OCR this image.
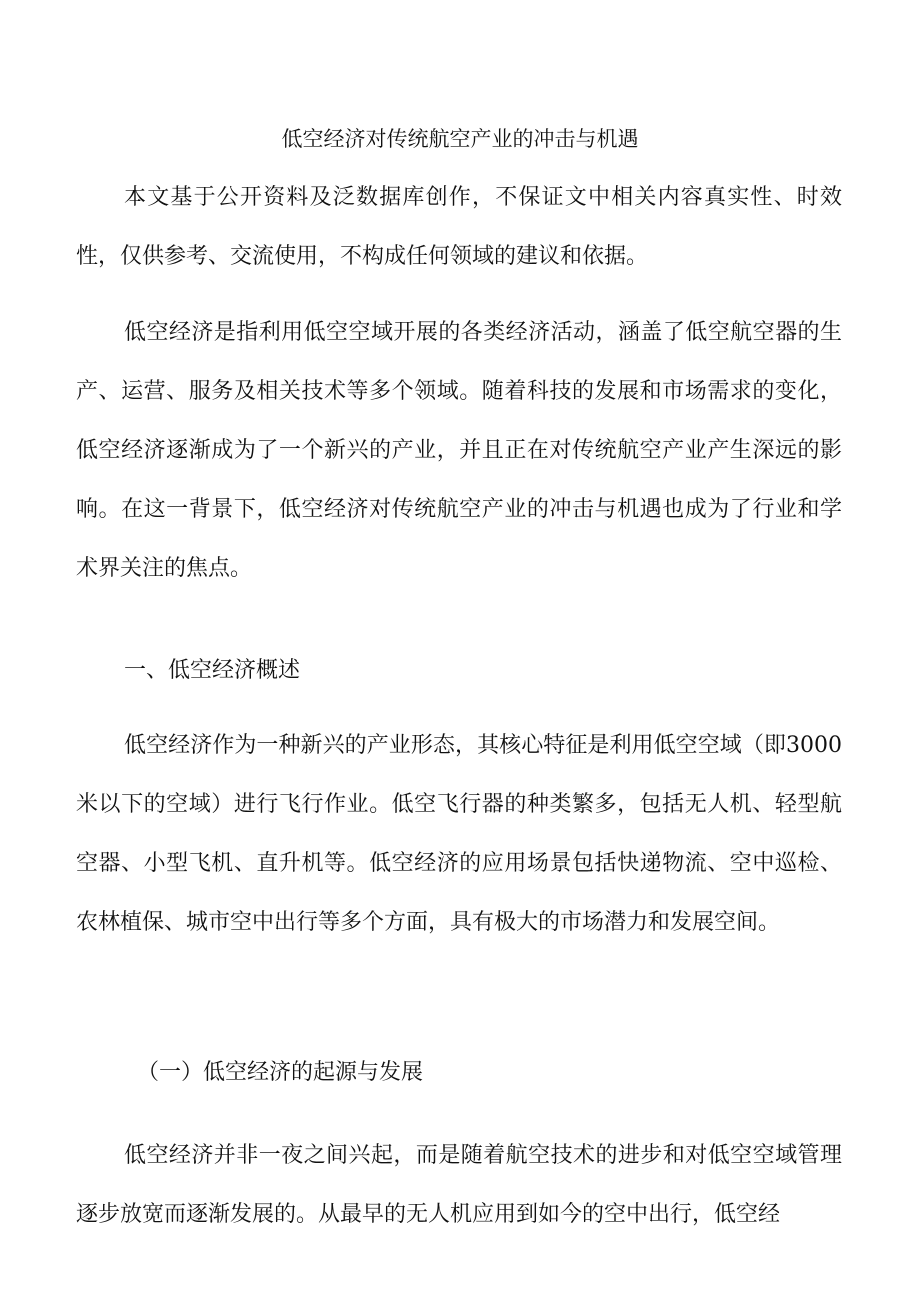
低空经济对传统航空产业的冲击与机遇

本文基于公开资料及泛数据库创作，不保证文中相关内容真实性、时效性，仅供参考、交流使用，不构成任何领域的建议和依据。

低空经济是指利用低空空域开展的各类经济活动，涵盖了低空航空器的生产、运营、服务及相关技术等多个领域。随着科技的发展和市场需求的变化，低空经济逐渐成为了一个新兴的产业，并且正在对传统航空产业产生深远的影响。在这一背景下，低空经济对传统航空产业的冲击与机遇也成为了行业和学术界关注的焦点。

一、低空经济概述

低空经济作为一种新兴的产业形态，其核心特征是利用低空空域（即3000米以下的空域）进行飞行作业。低空飞行器的种类繁多，包括无人机、轻型航空器、小型飞机、直升机等。低空经济的应用场景包括快递物流、空中巡检、农林植保、城市空中出行等多个方面，具有极大的市场潜力和发展空间。

（一）低空经济的起源与发展

低空经济并非一夜之间兴起，而是随着航空技术的进步和对低空空域管理逐步放宽而逐渐发展的。从最早的无人机应用到如今的空中出行，低空经
